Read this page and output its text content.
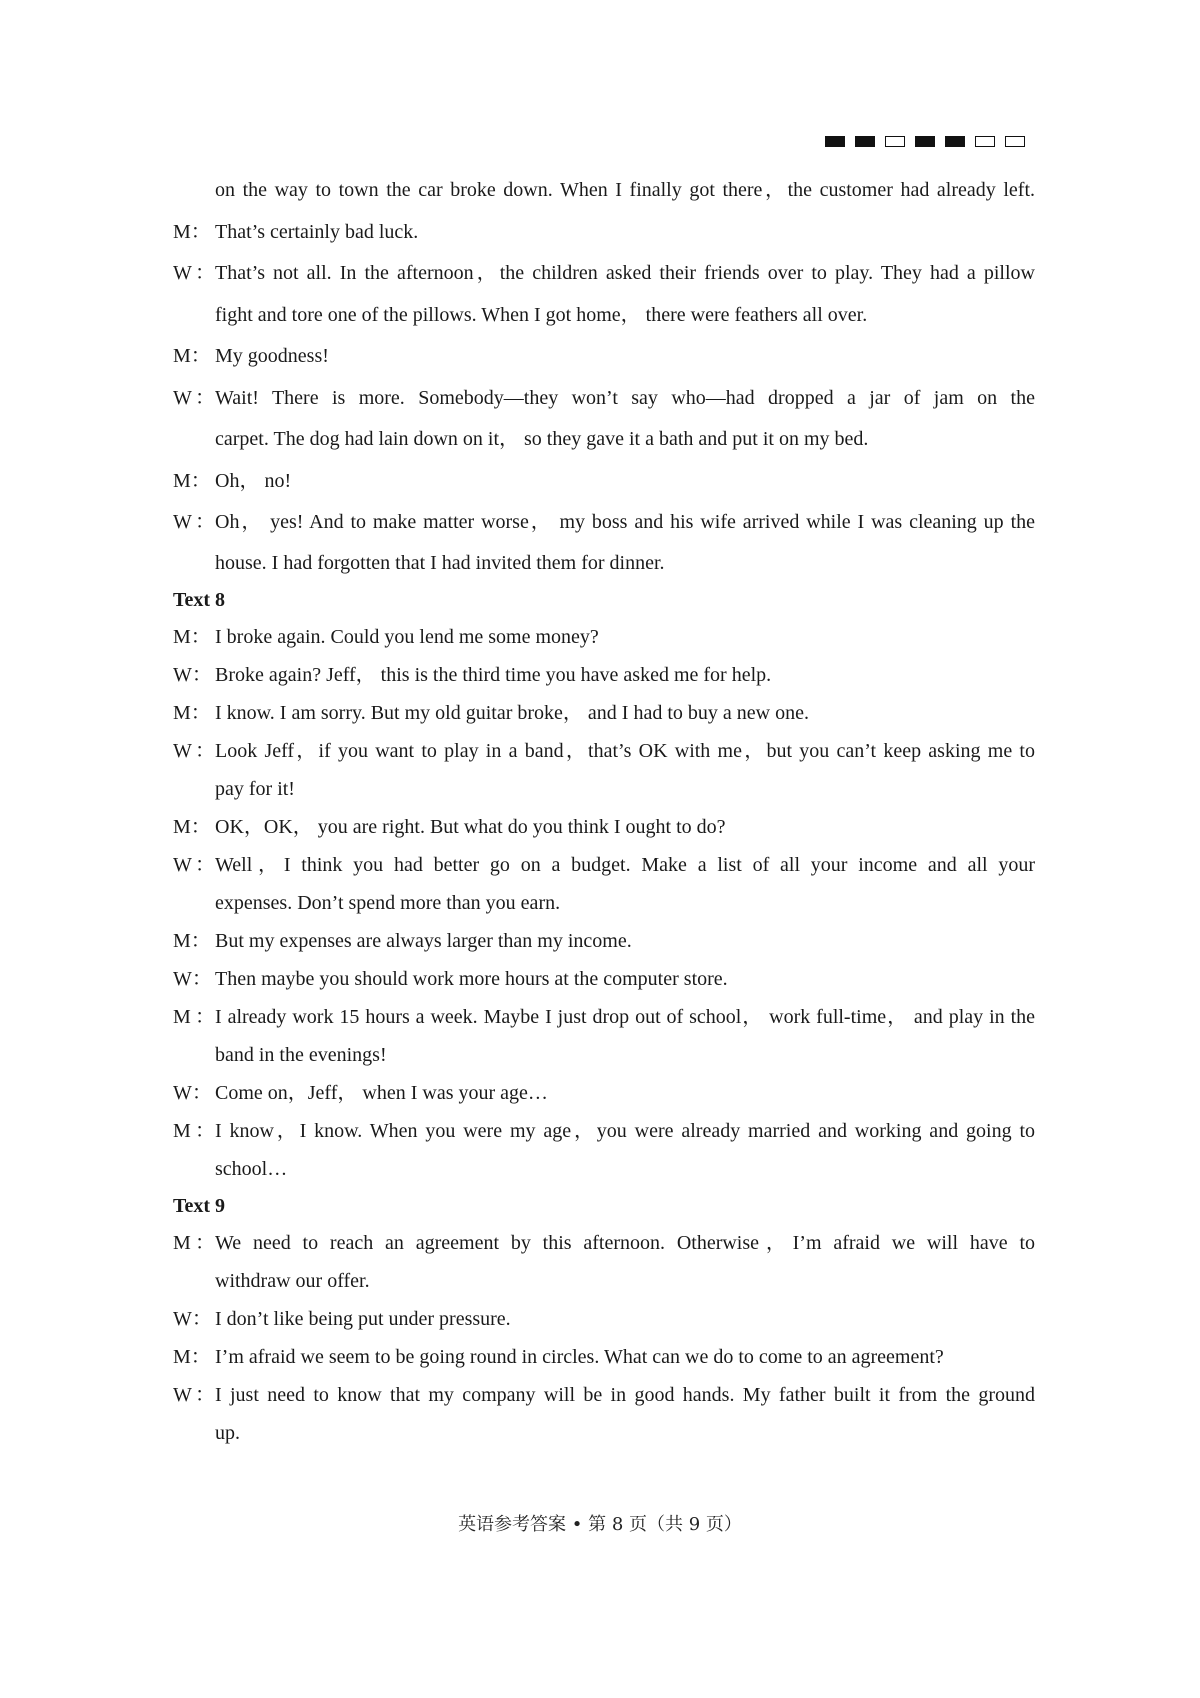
on the way to town the car broke down. When I finally got there，the customer had already left.
M： That’s certainly bad luck.
W： That’s not all. In the afternoon，the children asked their friends over to play. They had a pillow
fight and tore one of the pillows. When I got home， there were feathers all over.
M： My goodness!
W： Wait! There is more. Somebody—they won’t say who—had dropped a jar of jam on the
carpet. The dog had lain down on it， so they gave it a bath and put it on my bed.
M： Oh， no!
W： Oh， yes! And to make matter worse， my boss and his wife arrived while I was cleaning up the
house. I had forgotten that I had invited them for dinner.
Text 8
M： I broke again. Could you lend me some money?
W： Broke again? Jeff， this is the third time you have asked me for help.
M： I know. I am sorry. But my old guitar broke， and I had to buy a new one.
W： Look Jeff，if you want to play in a band，that’s OK with me，but you can’t keep asking me to
pay for it!
M： OK，OK， you are right. But what do you think I ought to do?
W： Well，I think you had better go on a budget. Make a list of all your income and all your
expenses. Don’t spend more than you earn.
M： But my expenses are always larger than my income.
W： Then maybe you should work more hours at the computer store.
M： I already work 15 hours a week. Maybe I just drop out of school， work full-time， and play in the
band in the evenings!
W： Come on，Jeff， when I was your age…
M： I know，I know. When you were my age，you were already married and working and going to
school…
Text 9
M： We need to reach an agreement by this afternoon. Otherwise，I’m afraid we will have to
withdraw our offer.
W： I don’t like being put under pressure.
M： I’m afraid we seem to be going round in circles. What can we do to come to an agreement?
W： I just need to know that my company will be in good hands. My father built it from the ground
up.
英语参考答案 • 第 8 页（共 9 页）
